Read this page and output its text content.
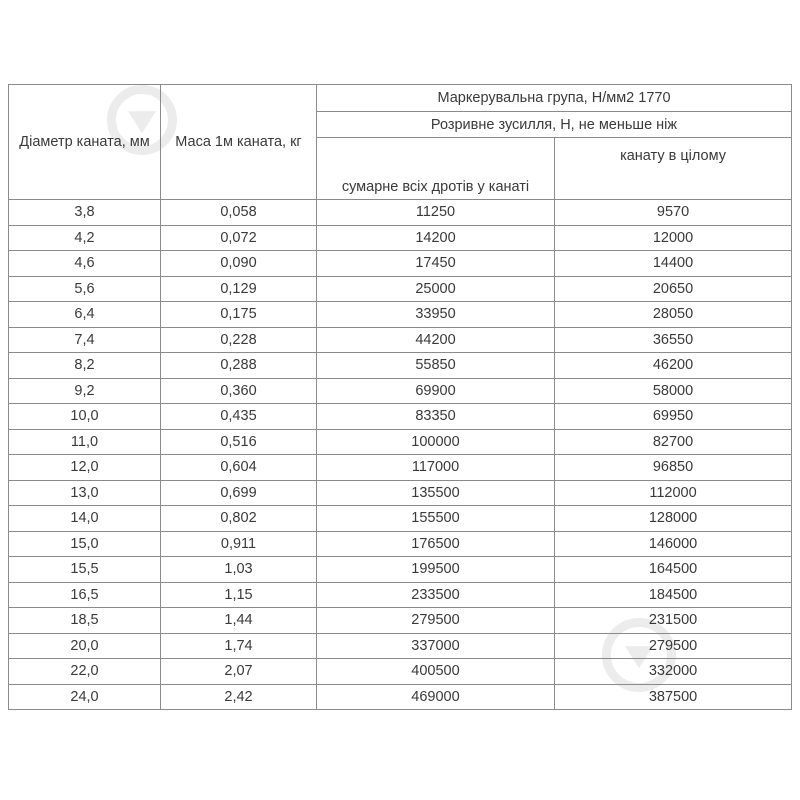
Діаметр каната, мм	Маса 1м каната, кг	Маркерувальна група, Н/мм2 1770	
		Розривне зусилля, Н, не меньше ніж	
		сумарне всіх дротів у канаті	канату в цілому
3,8	0,058	11250	9570
4,2	0,072	14200	12000
4,6	0,090	17450	14400
5,6	0,129	25000	20650
6,4	0,175	33950	28050
7,4	0,228	44200	36550
8,2	0,288	55850	46200
9,2	0,360	69900	58000
10,0	0,435	83350	69950
11,0	0,516	100000	82700
12,0	0,604	117000	96850
13,0	0,699	135500	112000
14,0	0,802	155500	128000
15,0	0,911	176500	146000
15,5	1,03	199500	164500
16,5	1,15	233500	184500
18,5	1,44	279500	231500
20,0	1,74	337000	279500
22,0	2,07	400500	332000
24,0	2,42	469000	387500
